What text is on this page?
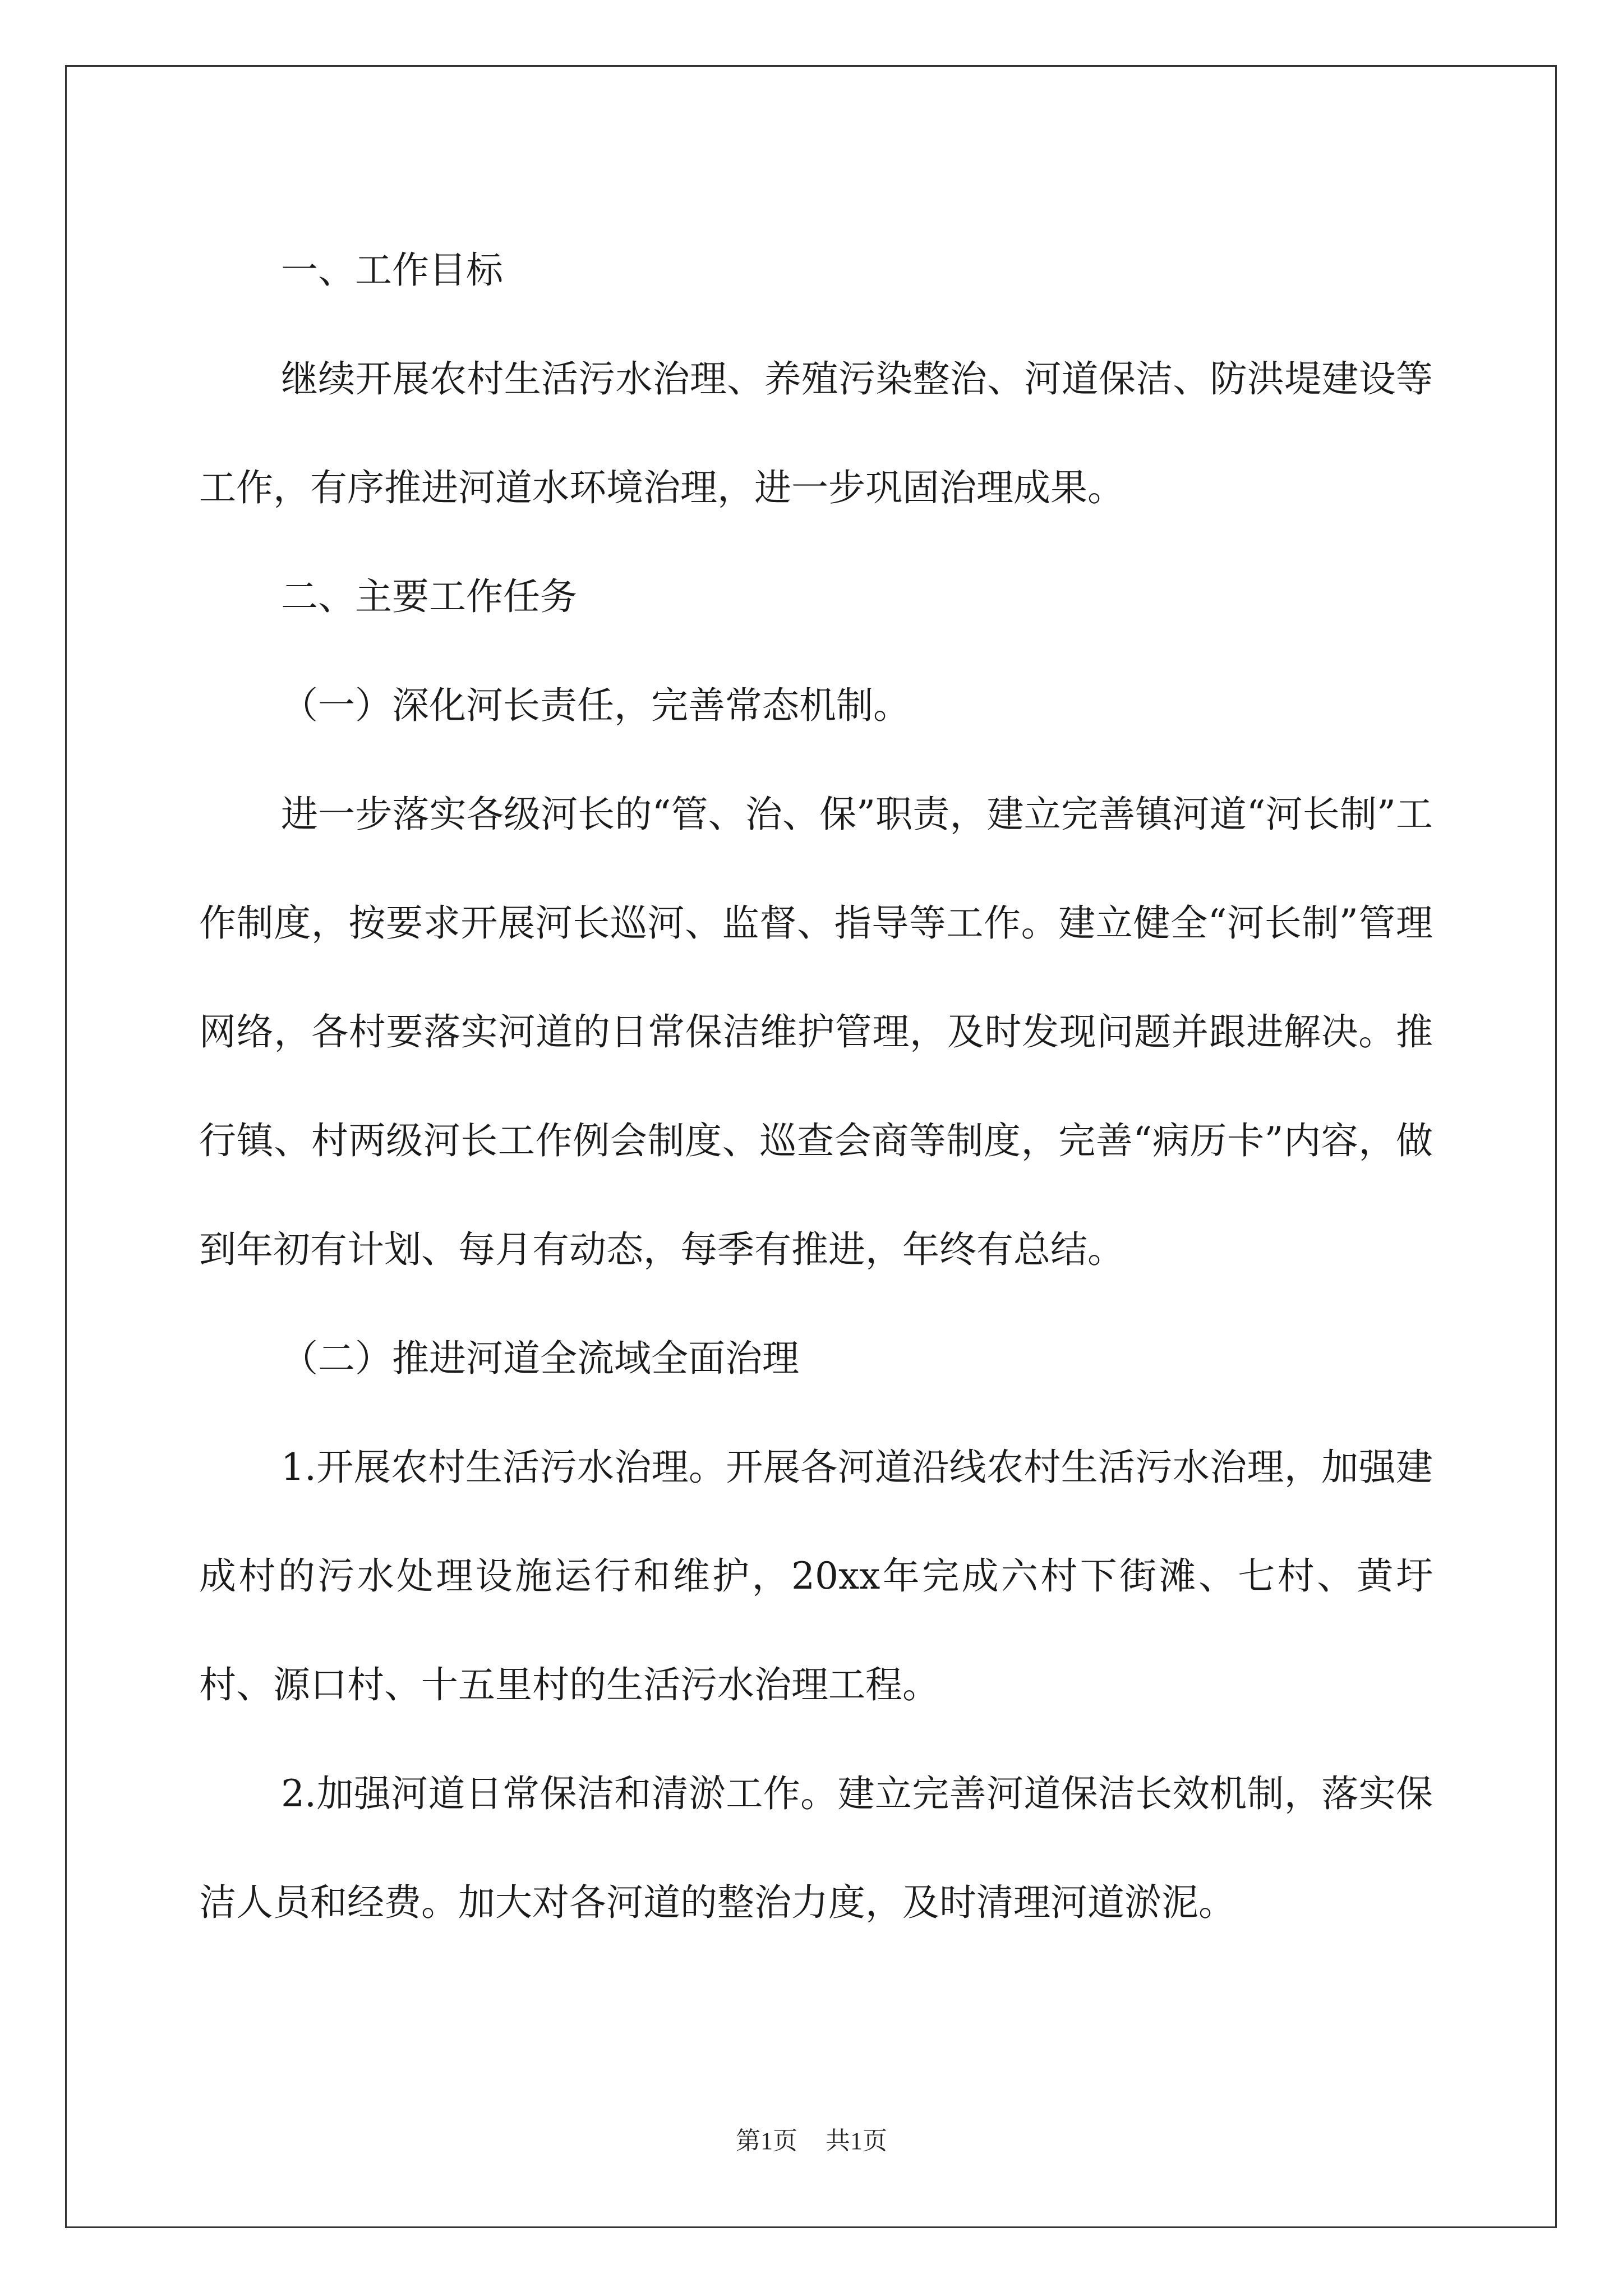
一、工作目标

继续开展农村生活污水治理、养殖污染整治、河道保洁、防洪堤建设等工作，有序推进河道水环境治理，进一步巩固治理成果。

二、主要工作任务

（一）深化河长责任，完善常态机制。

进一步落实各级河长的“管、治、保”职责，建立完善镇河道“河长制”工作制度，按要求开展河长巡河、监督、指导等工作。建立健全“河长制”管理网络，各村要落实河道的日常保洁维护管理，及时发现问题并跟进解决。推行镇、村两级河长工作例会制度、巡查会商等制度，完善“病历卡”内容，做到年初有计划、每月有动态，每季有推进，年终有总结。

（二）推进河道全流域全面治理

1.开展农村生活污水治理。开展各河道沿线农村生活污水治理，加强建成村的污水处理设施运行和维护，20xx年完成六村下街滩、七村、黄圩村、源口村、十五里村的生活污水治理工程。

2.加强河道日常保洁和清淤工作。建立完善河道保洁长效机制，落实保洁人员和经费。加大对各河道的整治力度，及时清理河道淤泥。

第1页 共1页
